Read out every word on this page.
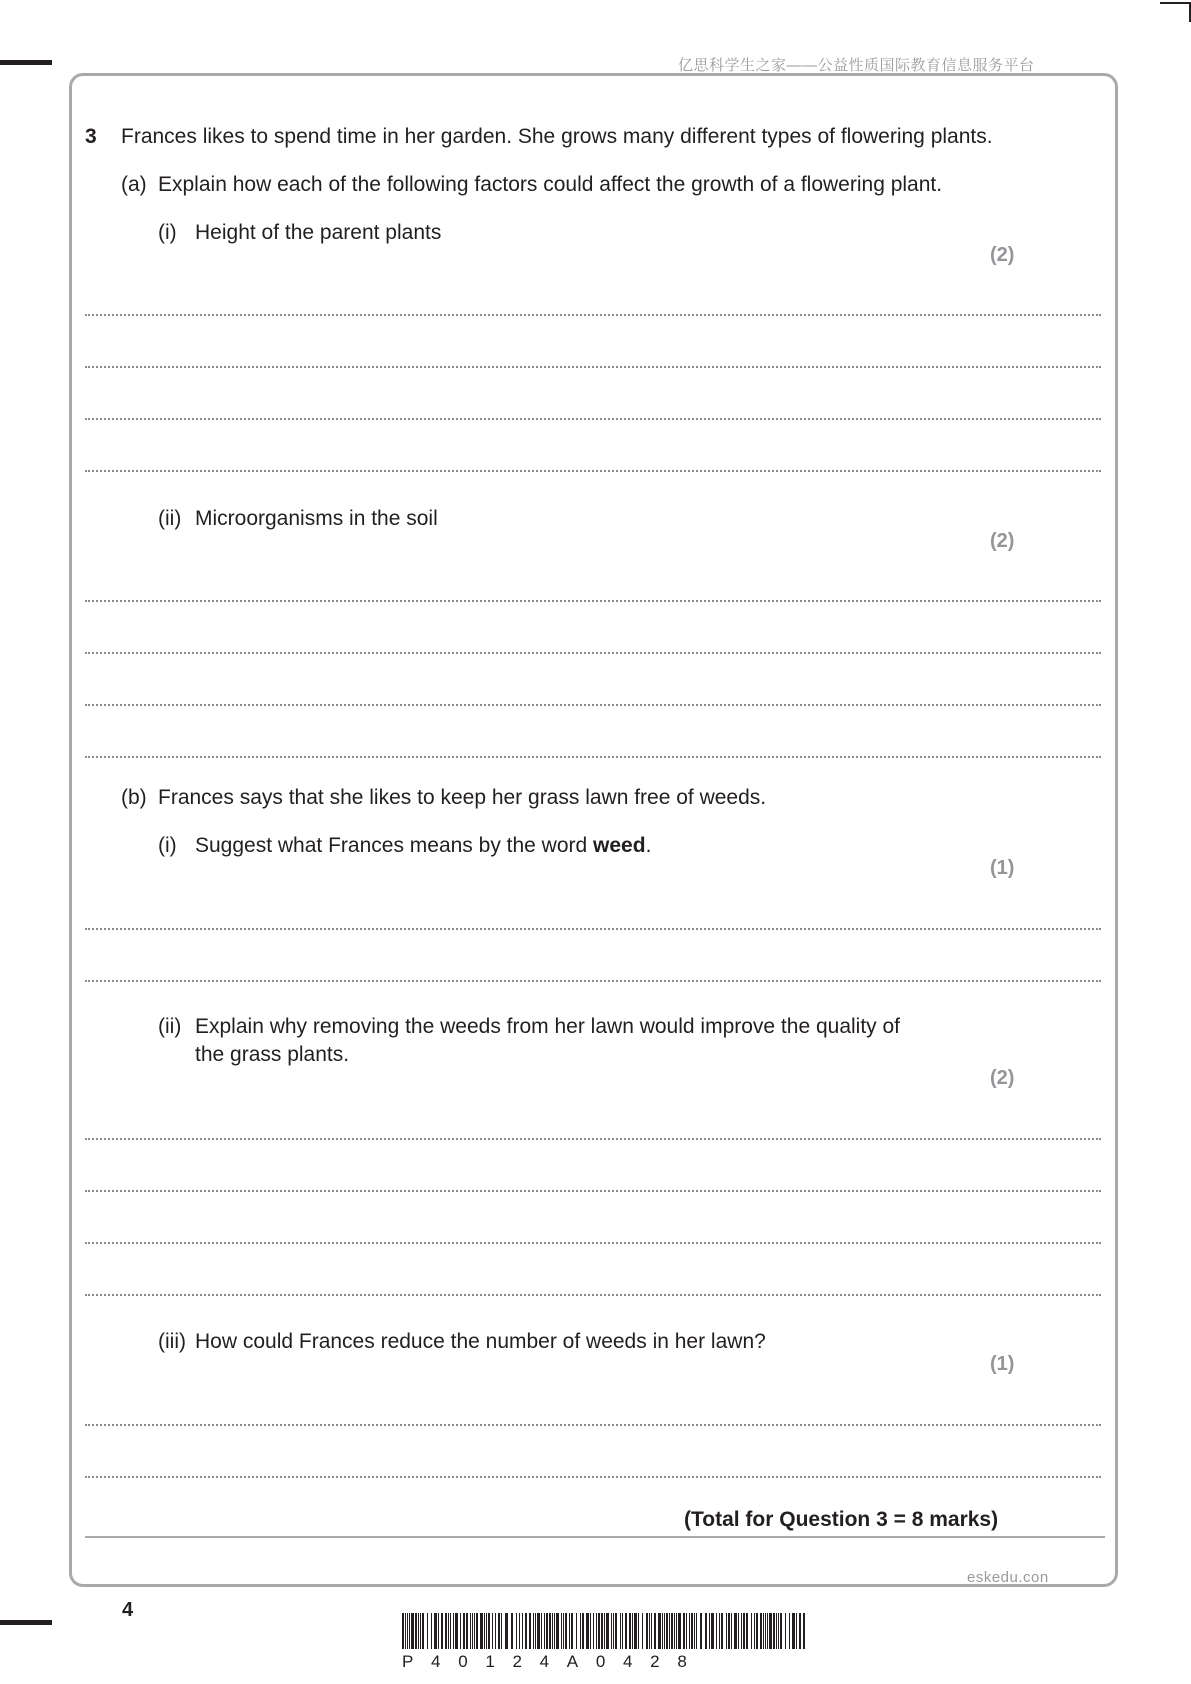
亿思科学生之家——公益性质国际教育信息服务平台
3 Frances likes to spend time in her garden. She grows many different types of flowering plants.
(a) Explain how each of the following factors could affect the growth of a flowering plant.
(i) Height of the parent plants
(2)
(ii) Microorganisms in the soil
(2)
(b) Frances says that she likes to keep her grass lawn free of weeds.
(i) Suggest what Frances means by the word weed.
(1)
(ii) Explain why removing the weeds from her lawn would improve the quality of
the grass plants.
(2)
(iii) How could Frances reduce the number of weeds in her lawn?
(1)
(Total for Question 3 = 8 marks)
eskedu.con
4
P40124A0428
